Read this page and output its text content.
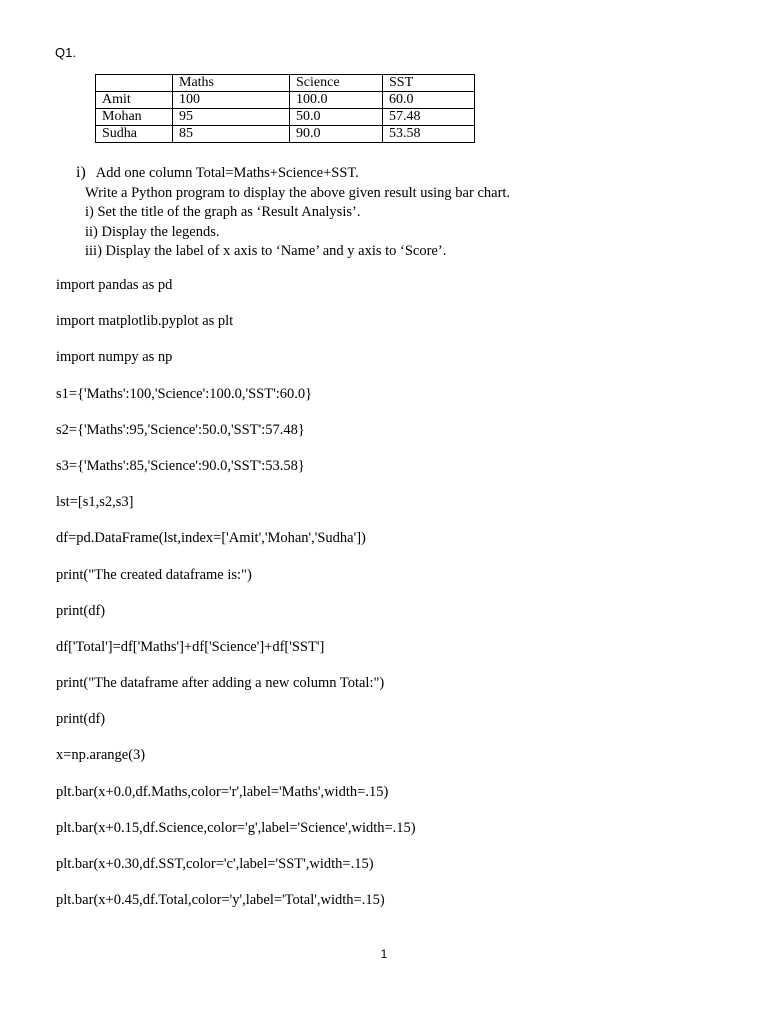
Q1.
	Maths	Science	SST
Amit	100	100.0	60.0
Mohan	95	50.0	57.48
Sudha	85	90.0	53.58
i) Add one column Total=Maths+Science+SST.
Write a Python program to display the above given result using bar chart.
i) Set the title of the graph as ‘Result Analysis’.
ii) Display the legends.
iii) Display the label of x axis to ‘Name’ and y axis to ‘Score’.
import pandas as pd
import matplotlib.pyplot as plt
import numpy as np
s1={'Maths':100,'Science':100.0,'SST':60.0}
s2={'Maths':95,'Science':50.0,'SST':57.48}
s3={'Maths':85,'Science':90.0,'SST':53.58}
lst=[s1,s2,s3]
df=pd.DataFrame(lst,index=['Amit','Mohan','Sudha'])
print("The created dataframe is:")
print(df)
df['Total']=df['Maths']+df['Science']+df['SST']
print("The dataframe after adding a new column Total:")
print(df)
x=np.arange(3)
plt.bar(x+0.0,df.Maths,color='r',label='Maths',width=.15)
plt.bar(x+0.15,df.Science,color='g',label='Science',width=.15)
plt.bar(x+0.30,df.SST,color='c',label='SST',width=.15)
plt.bar(x+0.45,df.Total,color='y',label='Total',width=.15)
1
